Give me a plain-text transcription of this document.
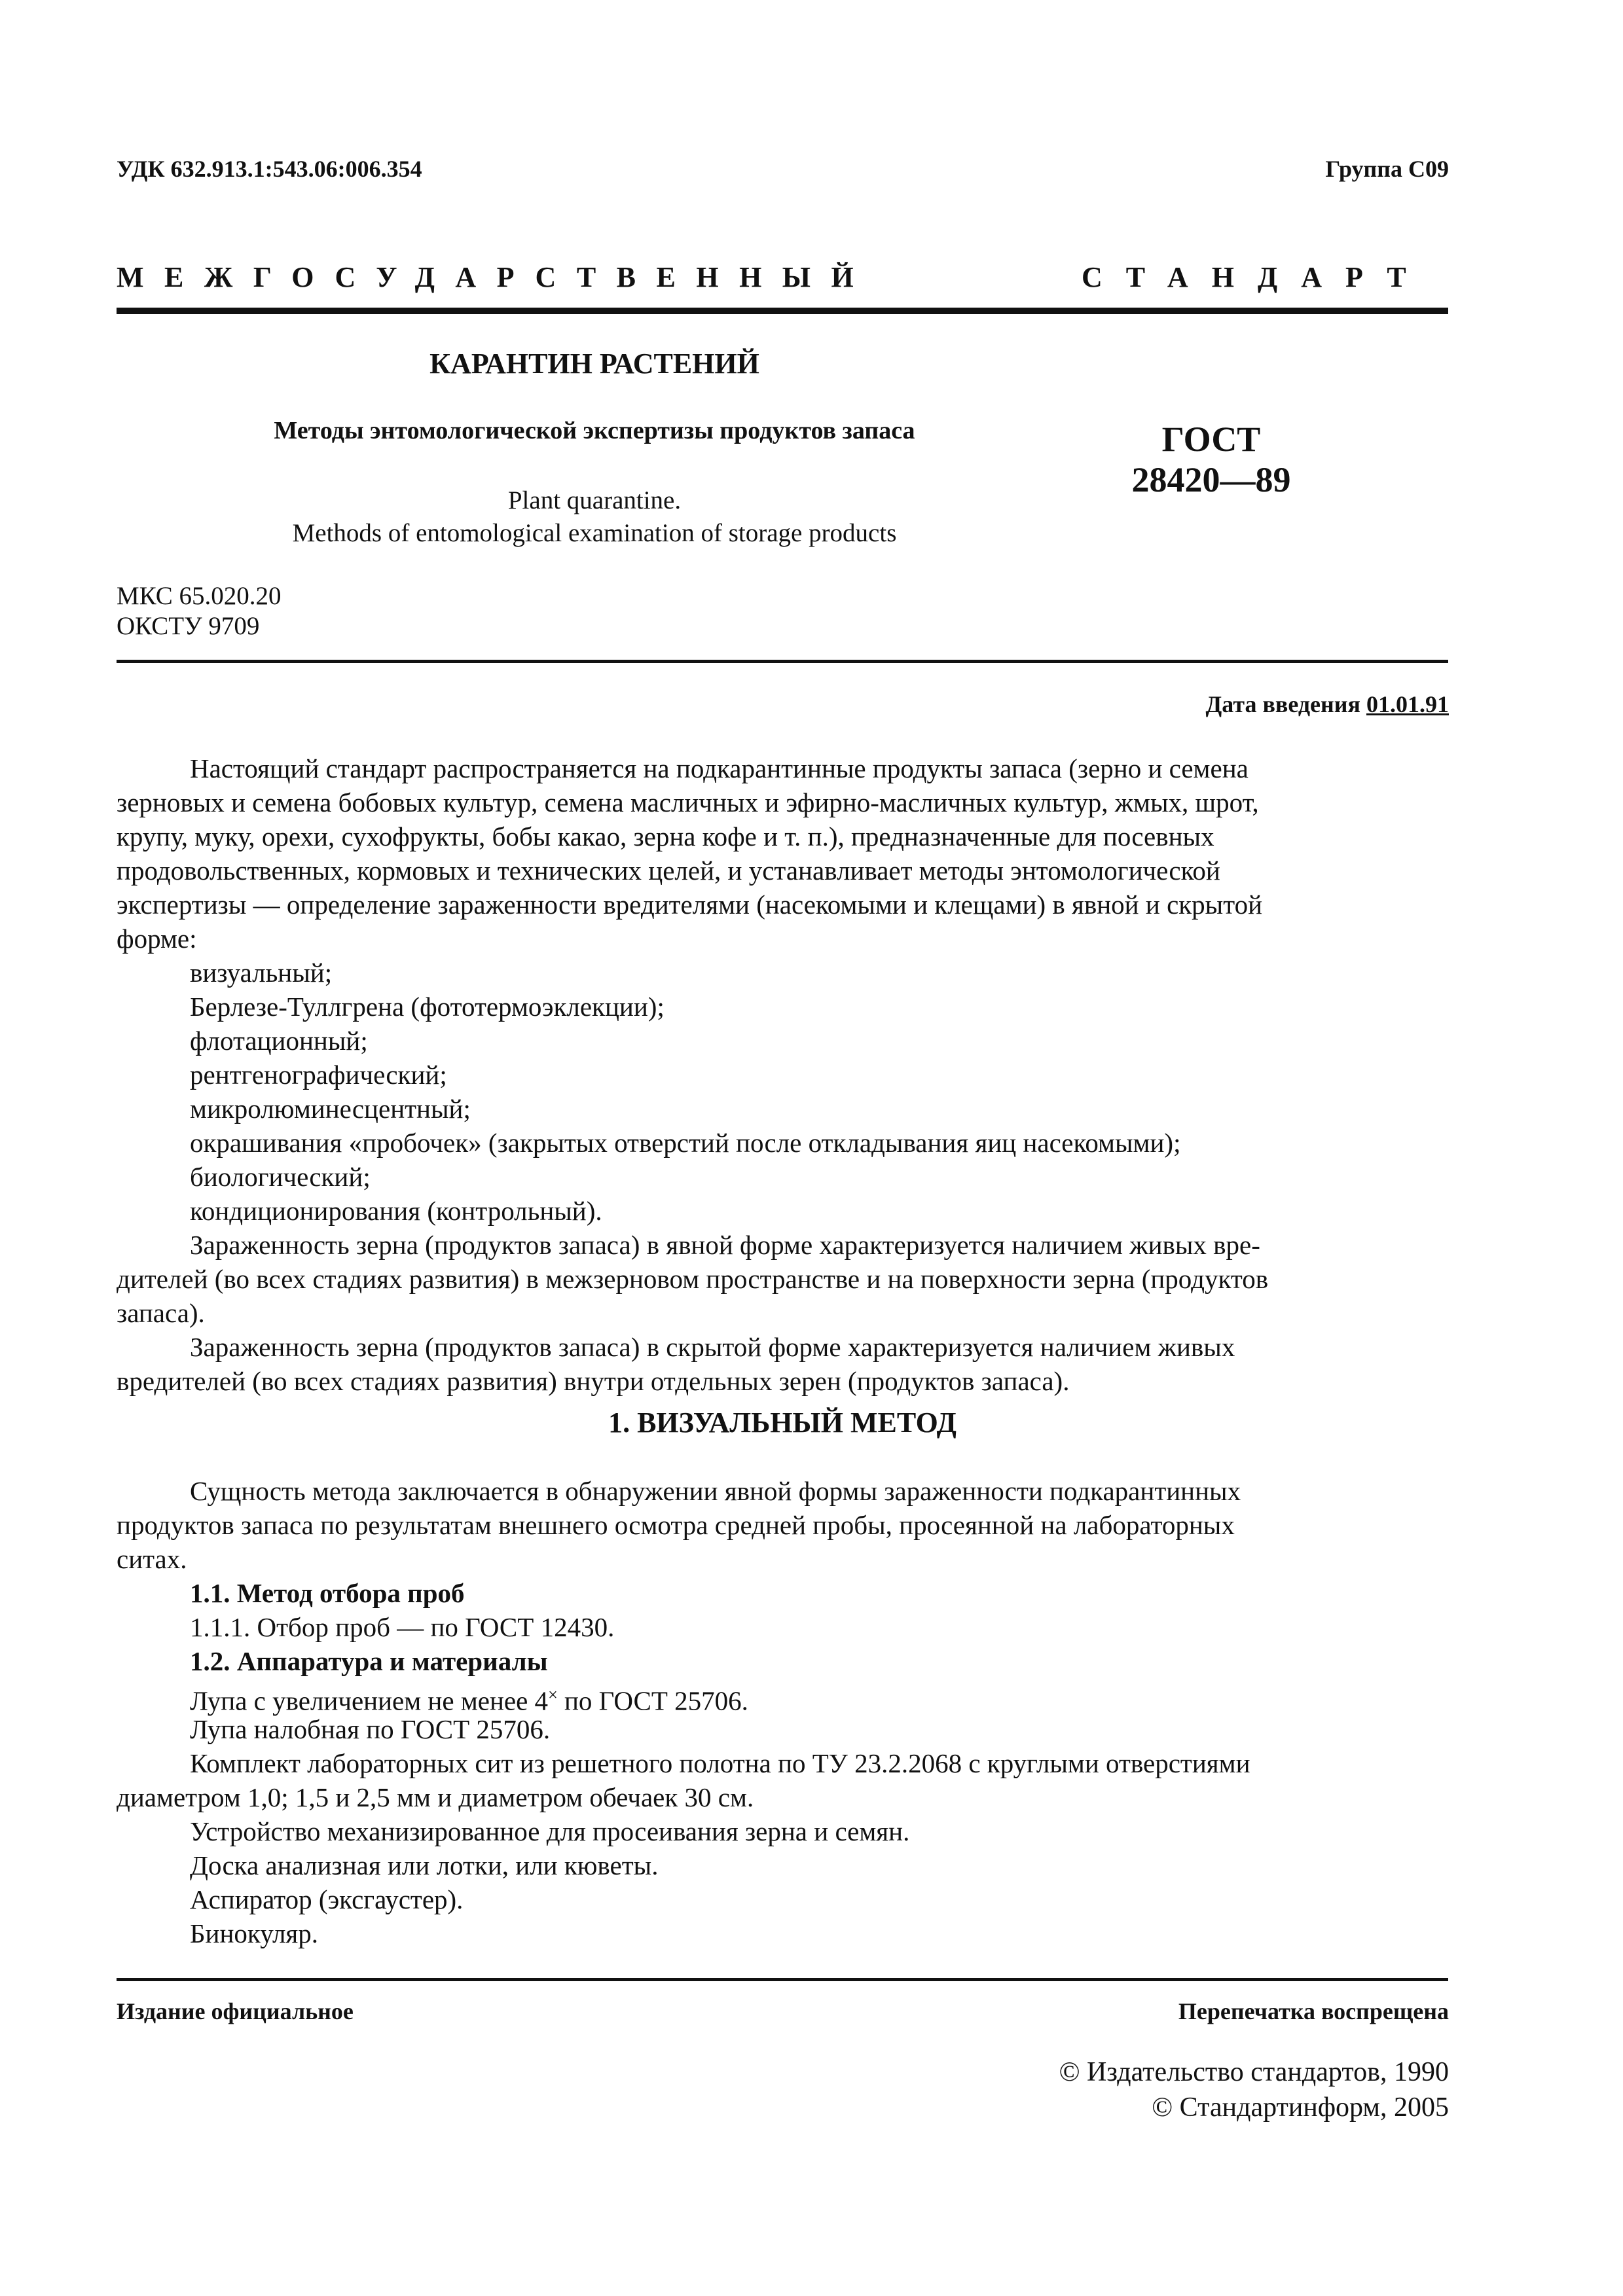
УДК 632.913.1:543.06:006.354	Группа С09
МЕЖГОСУДАРСТВЕННЫЙ	СТАНДАРТ
КАРАНТИН РАСТЕНИЙ
Методы энтомологической экспертизы продуктов запаса
Plant quarantine.
Methods of entomological examination of storage products
ГОСТ
28420—89
МКС 65.020.20
ОКСТУ 9709
Дата введения 01.01.91
Настоящий стандарт распространяется на подкарантинные продукты запаса (зерно и семена
зерновых и семена бобовых культур, семена масличных и эфирно-масличных культур, жмых, шрот,
крупу, муку, орехи, сухофрукты, бобы какао, зерна кофе и т. п.), предназначенные для посевных
продовольственных, кормовых и технических целей, и устанавливает методы энтомологической
экспертизы — определение зараженности вредителями (насекомыми и клещами) в явной и скрытой
форме:
визуальный;
Берлезе-Туллгрена (фототермоэклекции);
флотационный;
рентгенографический;
микролюминесцентный;
окрашивания «пробочек» (закрытых отверстий после откладывания яиц насекомыми);
биологический;
кондиционирования (контрольный).
Зараженность зерна (продуктов запаса) в явной форме характеризуется наличием живых вре-
дителей (во всех стадиях развития) в межзерновом пространстве и на поверхности зерна (продуктов
запаса).
Зараженность зерна (продуктов запаса) в скрытой форме характеризуется наличием живых
вредителей (во всех стадиях развития) внутри отдельных зерен (продуктов запаса).
1. ВИЗУАЛЬНЫЙ МЕТОД
Сущность метода заключается в обнаружении явной формы зараженности подкарантинных
продуктов запаса по результатам внешнего осмотра средней пробы, просеянной на лабораторных
ситах.
1.1. Метод отбора проб
1.1.1. Отбор проб — по ГОСТ 12430.
1.2. Аппаратура и материалы
Лупа с увеличением не менее 4× по ГОСТ 25706.
Лупа налобная по ГОСТ 25706.
Комплект лабораторных сит из решетного полотна по ТУ 23.2.2068 с круглыми отверстиями
диаметром 1,0; 1,5 и 2,5 мм и диаметром обечаек 30 см.
Устройство механизированное для просеивания зерна и семян.
Доска анализная или лотки, или кюветы.
Аспиратор (эксгаустер).
Бинокуляр.
Издание официальное	Перепечатка воспрещена
© Издательство стандартов, 1990
© Стандартинформ, 2005
